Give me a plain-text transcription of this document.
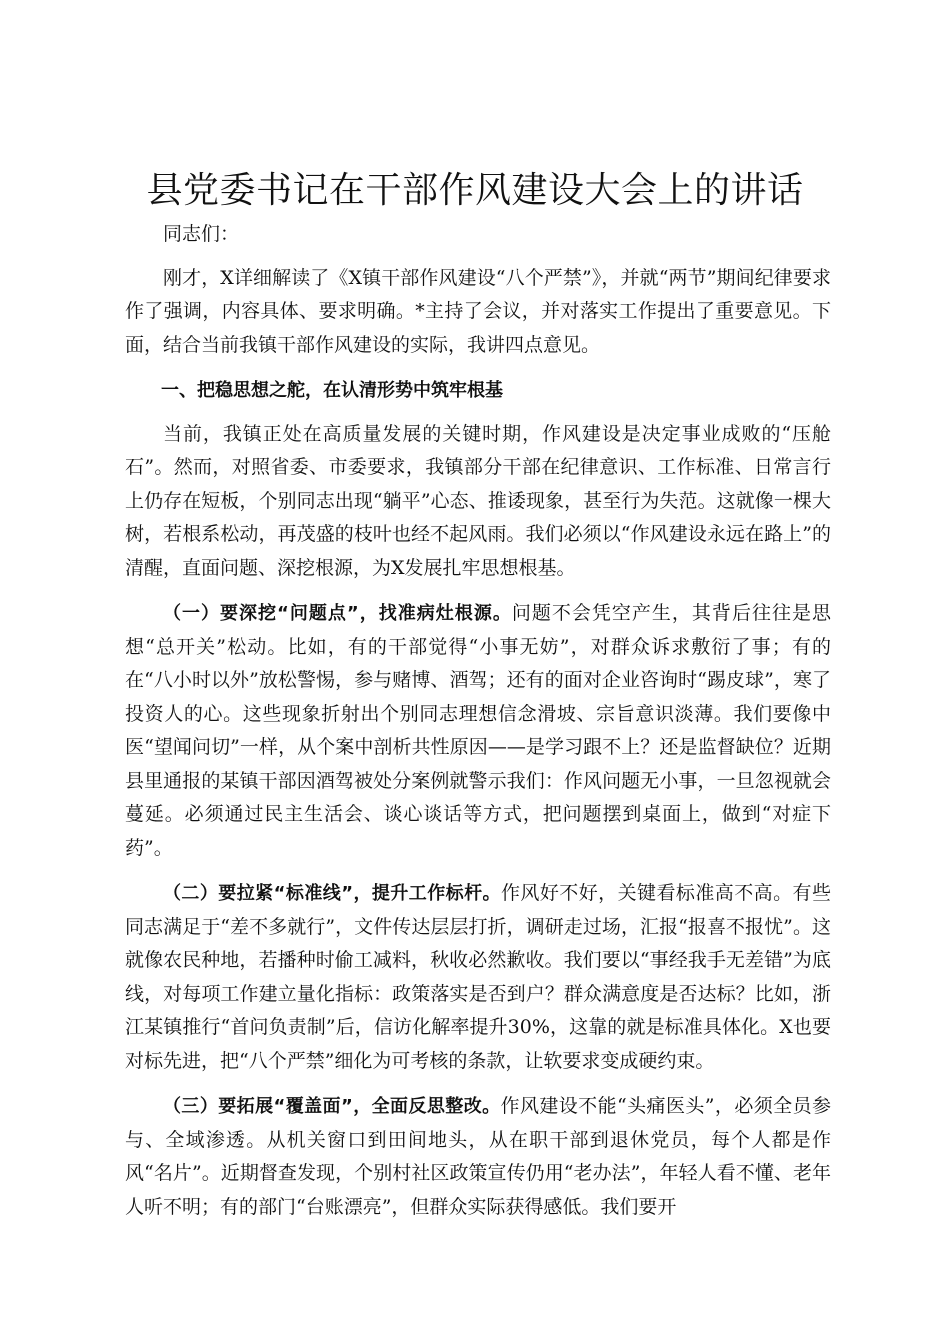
县党委书记在干部作风建设大会上的讲话

同志们：

刚才，X详细解读了《X镇干部作风建设“八个严禁”》，并就“两节”期间纪律要求作了强调，内容具体、要求明确。*主持了会议，并对落实工作提出了重要意见。下面，结合当前我镇干部作风建设的实际，我讲四点意见。

一、把稳思想之舵，在认清形势中筑牢根基

当前，我镇正处在高质量发展的关键时期，作风建设是决定事业成败的“压舱石”。然而，对照省委、市委要求，我镇部分干部在纪律意识、工作标准、日常言行上仍存在短板，个别同志出现“躺平”心态、推诿现象，甚至行为失范。这就像一棵大树，若根系松动，再茂盛的枝叶也经不起风雨。我们必须以“作风建设永远在路上”的清醒，直面问题、深挖根源，为X发展扎牢思想根基。

（一）要深挖“问题点”，找准病灶根源。问题不会凭空产生，其背后往往是思想“总开关”松动。比如，有的干部觉得“小事无妨”，对群众诉求敷衍了事；有的在“八小时以外”放松警惕，参与赌博、酒驾；还有的面对企业咨询时“踢皮球”，寒了投资人的心。这些现象折射出个别同志理想信念滑坡、宗旨意识淡薄。我们要像中医“望闻问切”一样，从个案中剖析共性原因——是学习跟不上？还是监督缺位？近期县里通报的某镇干部因酒驾被处分案例就警示我们：作风问题无小事，一旦忽视就会蔓延。必须通过民主生活会、谈心谈话等方式，把问题摆到桌面上，做到“对症下药”。

（二）要拉紧“标准线”，提升工作标杆。作风好不好，关键看标准高不高。有些同志满足于“差不多就行”，文件传达层层打折，调研走过场，汇报“报喜不报忧”。这就像农民种地，若播种时偷工减料，秋收必然歉收。我们要以“事经我手无差错”为底线，对每项工作建立量化指标：政策落实是否到户？群众满意度是否达标？比如，浙江某镇推行“首问负责制”后，信访化解率提升30%，这靠的就是标准具体化。X也要对标先进，把“八个严禁”细化为可考核的条款，让软要求变成硬约束。

（三）要拓展“覆盖面”，全面反思整改。作风建设不能“头痛医头”，必须全员参与、全域渗透。从机关窗口到田间地头，从在职干部到退休党员，每个人都是作风“名片”。近期督查发现，个别村社区政策宣传仍用“老办法”，年轻人看不懂、老年人听不明；有的部门“台账漂亮”，但群众实际获得感低。我们要开
